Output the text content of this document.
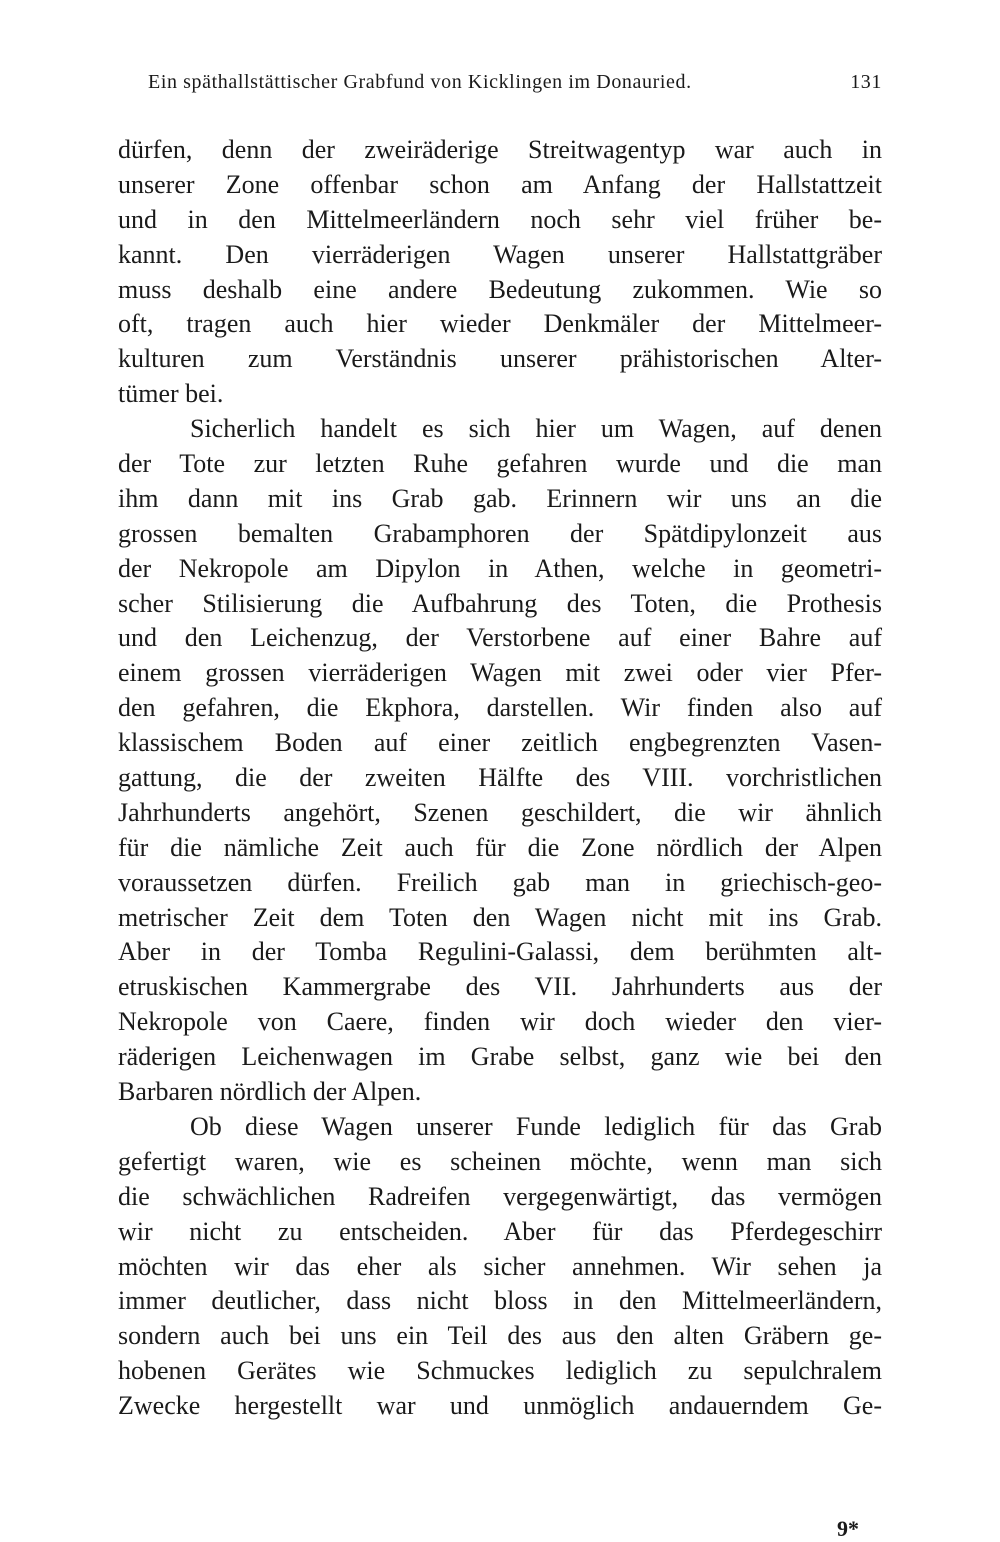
Ein späthallstättischer Grabfund von Kicklingen im Donauried.	131
dürfen, denn der zweiräderige Streitwagentyp war auch in
unserer Zone offenbar schon am Anfang der Hallstattzeit
und in den Mittelmeerländern noch sehr viel früher be-
kannt. Den vierräderigen Wagen unserer Hallstattgräber
muss deshalb eine andere Bedeutung zukommen. Wie so
oft, tragen auch hier wieder Denkmäler der Mittelmeer-
kulturen zum Verständnis unserer prähistorischen Alter-
tümer bei.
Sicherlich handelt es sich hier um Wagen, auf denen
der Tote zur letzten Ruhe gefahren wurde und die man
ihm dann mit ins Grab gab. Erinnern wir uns an die
grossen bemalten Grabamphoren der Spätdipylonzeit aus
der Nekropole am Dipylon in Athen, welche in geometri-
scher Stilisierung die Aufbahrung des Toten, die Prothesis
und den Leichenzug, der Verstorbene auf einer Bahre auf
einem grossen vierräderigen Wagen mit zwei oder vier Pfer-
den gefahren, die Ekphora, darstellen. Wir finden also auf
klassischem Boden auf einer zeitlich engbegrenzten Vasen-
gattung, die der zweiten Hälfte des VIII. vorchristlichen
Jahrhunderts angehört, Szenen geschildert, die wir ähnlich
für die nämliche Zeit auch für die Zone nördlich der Alpen
voraussetzen dürfen. Freilich gab man in griechisch-geo-
metrischer Zeit dem Toten den Wagen nicht mit ins Grab.
Aber in der Tomba Regulini-Galassi, dem berühmten alt-
etruskischen Kammergrabe des VII. Jahrhunderts aus der
Nekropole von Caere, finden wir doch wieder den vier-
räderigen Leichenwagen im Grabe selbst, ganz wie bei den
Barbaren nördlich der Alpen.
Ob diese Wagen unserer Funde lediglich für das Grab
gefertigt waren, wie es scheinen möchte, wenn man sich
die schwächlichen Radreifen vergegenwärtigt, das vermögen
wir nicht zu entscheiden. Aber für das Pferdegeschirr
möchten wir das eher als sicher annehmen. Wir sehen ja
immer deutlicher, dass nicht bloss in den Mittelmeerländern,
sondern auch bei uns ein Teil des aus den alten Gräbern ge-
hobenen Gerätes wie Schmuckes lediglich zu sepulchralem
Zwecke hergestellt war und unmöglich andauerndem Ge-
9*
